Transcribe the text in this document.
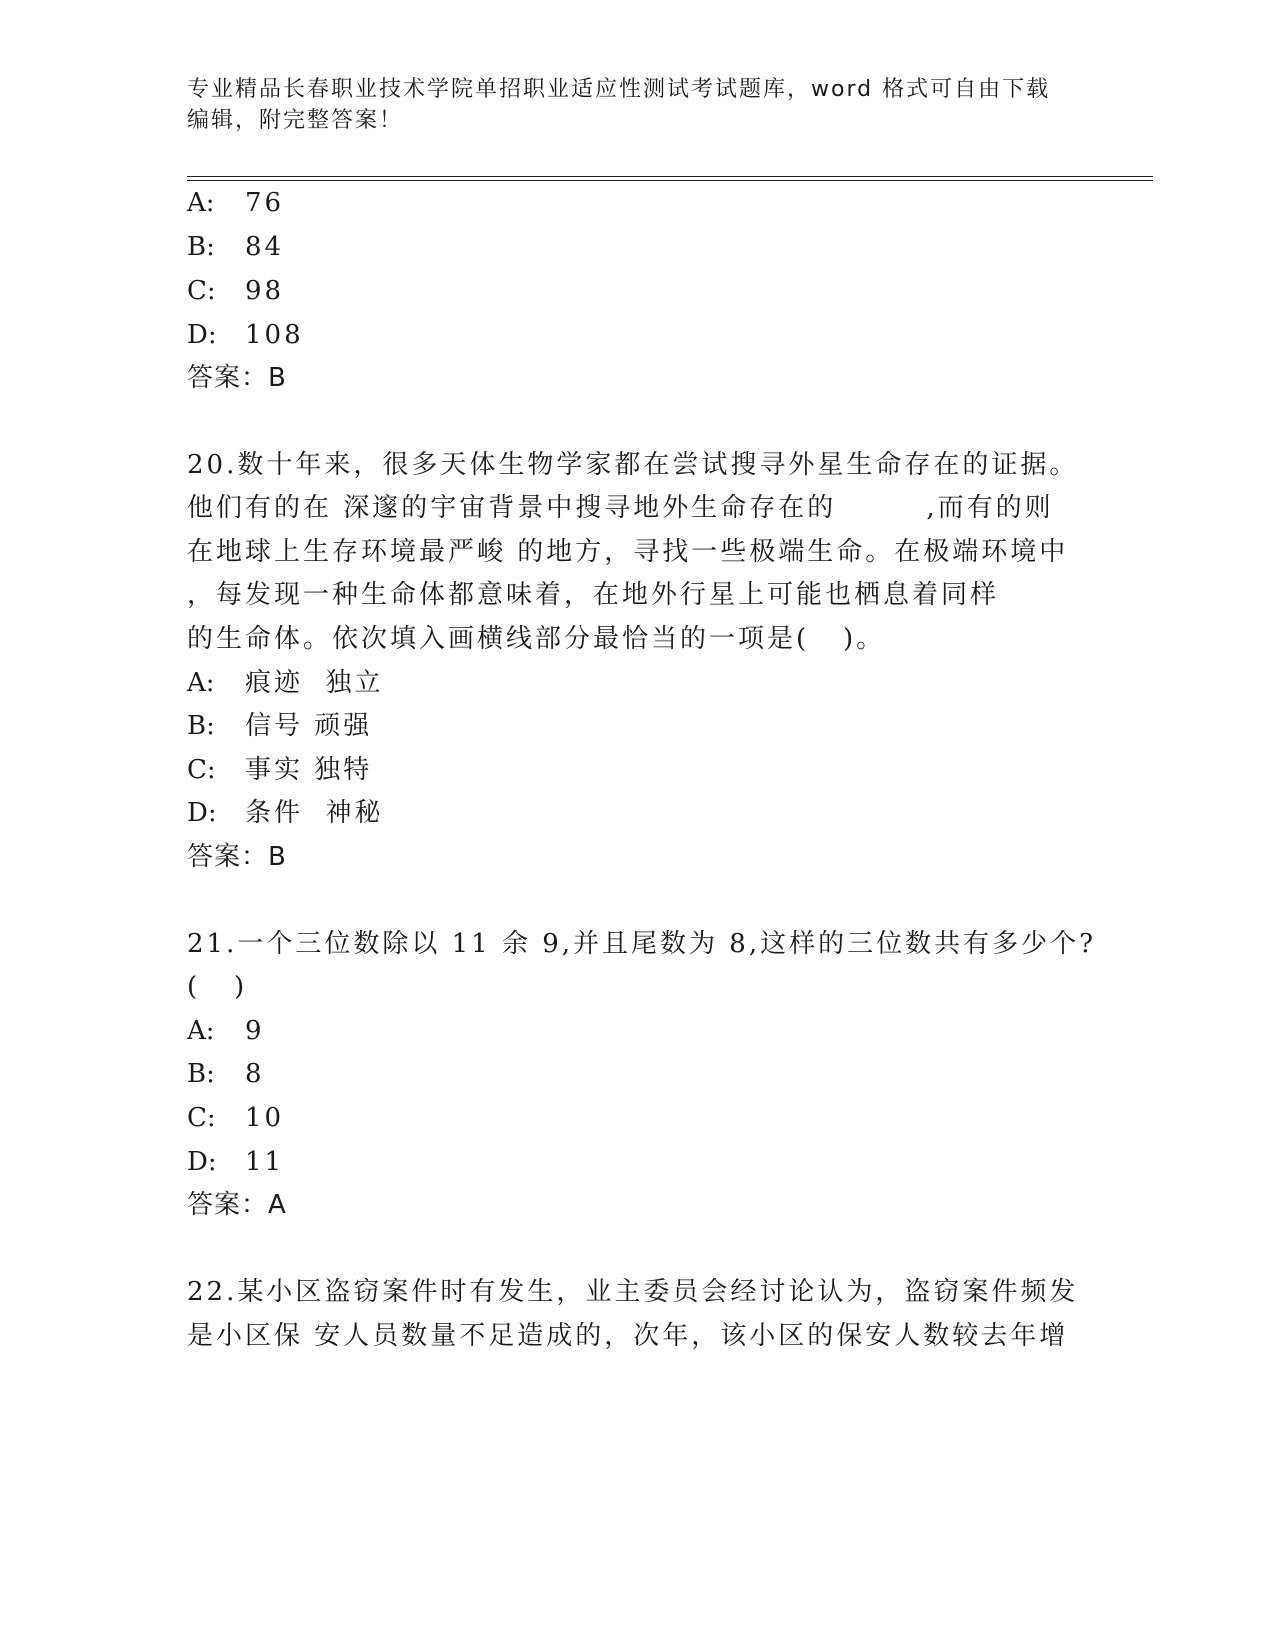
专业精品长春职业技术学院单招职业适应性测试考试题库，word 格式可自由下载
编辑，附完整答案！
A: 76
B: 84
C: 98
D: 108
答案：B
20.数十年来，很多天体生物学家都在尝试搜寻外星生命存在的证据。
他们有的在 深邃的宇宙背景中搜寻地外生命存在的        ,而有的则
在地球上生存环境最严峻 的地方，寻找一些极端生命。在极端环境中
，每发现一种生命体都意味着，在地外行星上可能也栖息着同样
的生命体。依次填入画横线部分最恰当的一项是(   )。
A: 痕迹  独立
B: 信号 顽强
C: 事实 独特
D: 条件  神秘
答案：B
21.一个三位数除以 11 余 9,并且尾数为 8,这样的三位数共有多少个?
(   )
A: 9
B: 8
C: 10
D: 11
答案：A
22.某小区盗窃案件时有发生，业主委员会经讨论认为，盗窃案件频发
是小区保 安人员数量不足造成的，次年，该小区的保安人数较去年增
